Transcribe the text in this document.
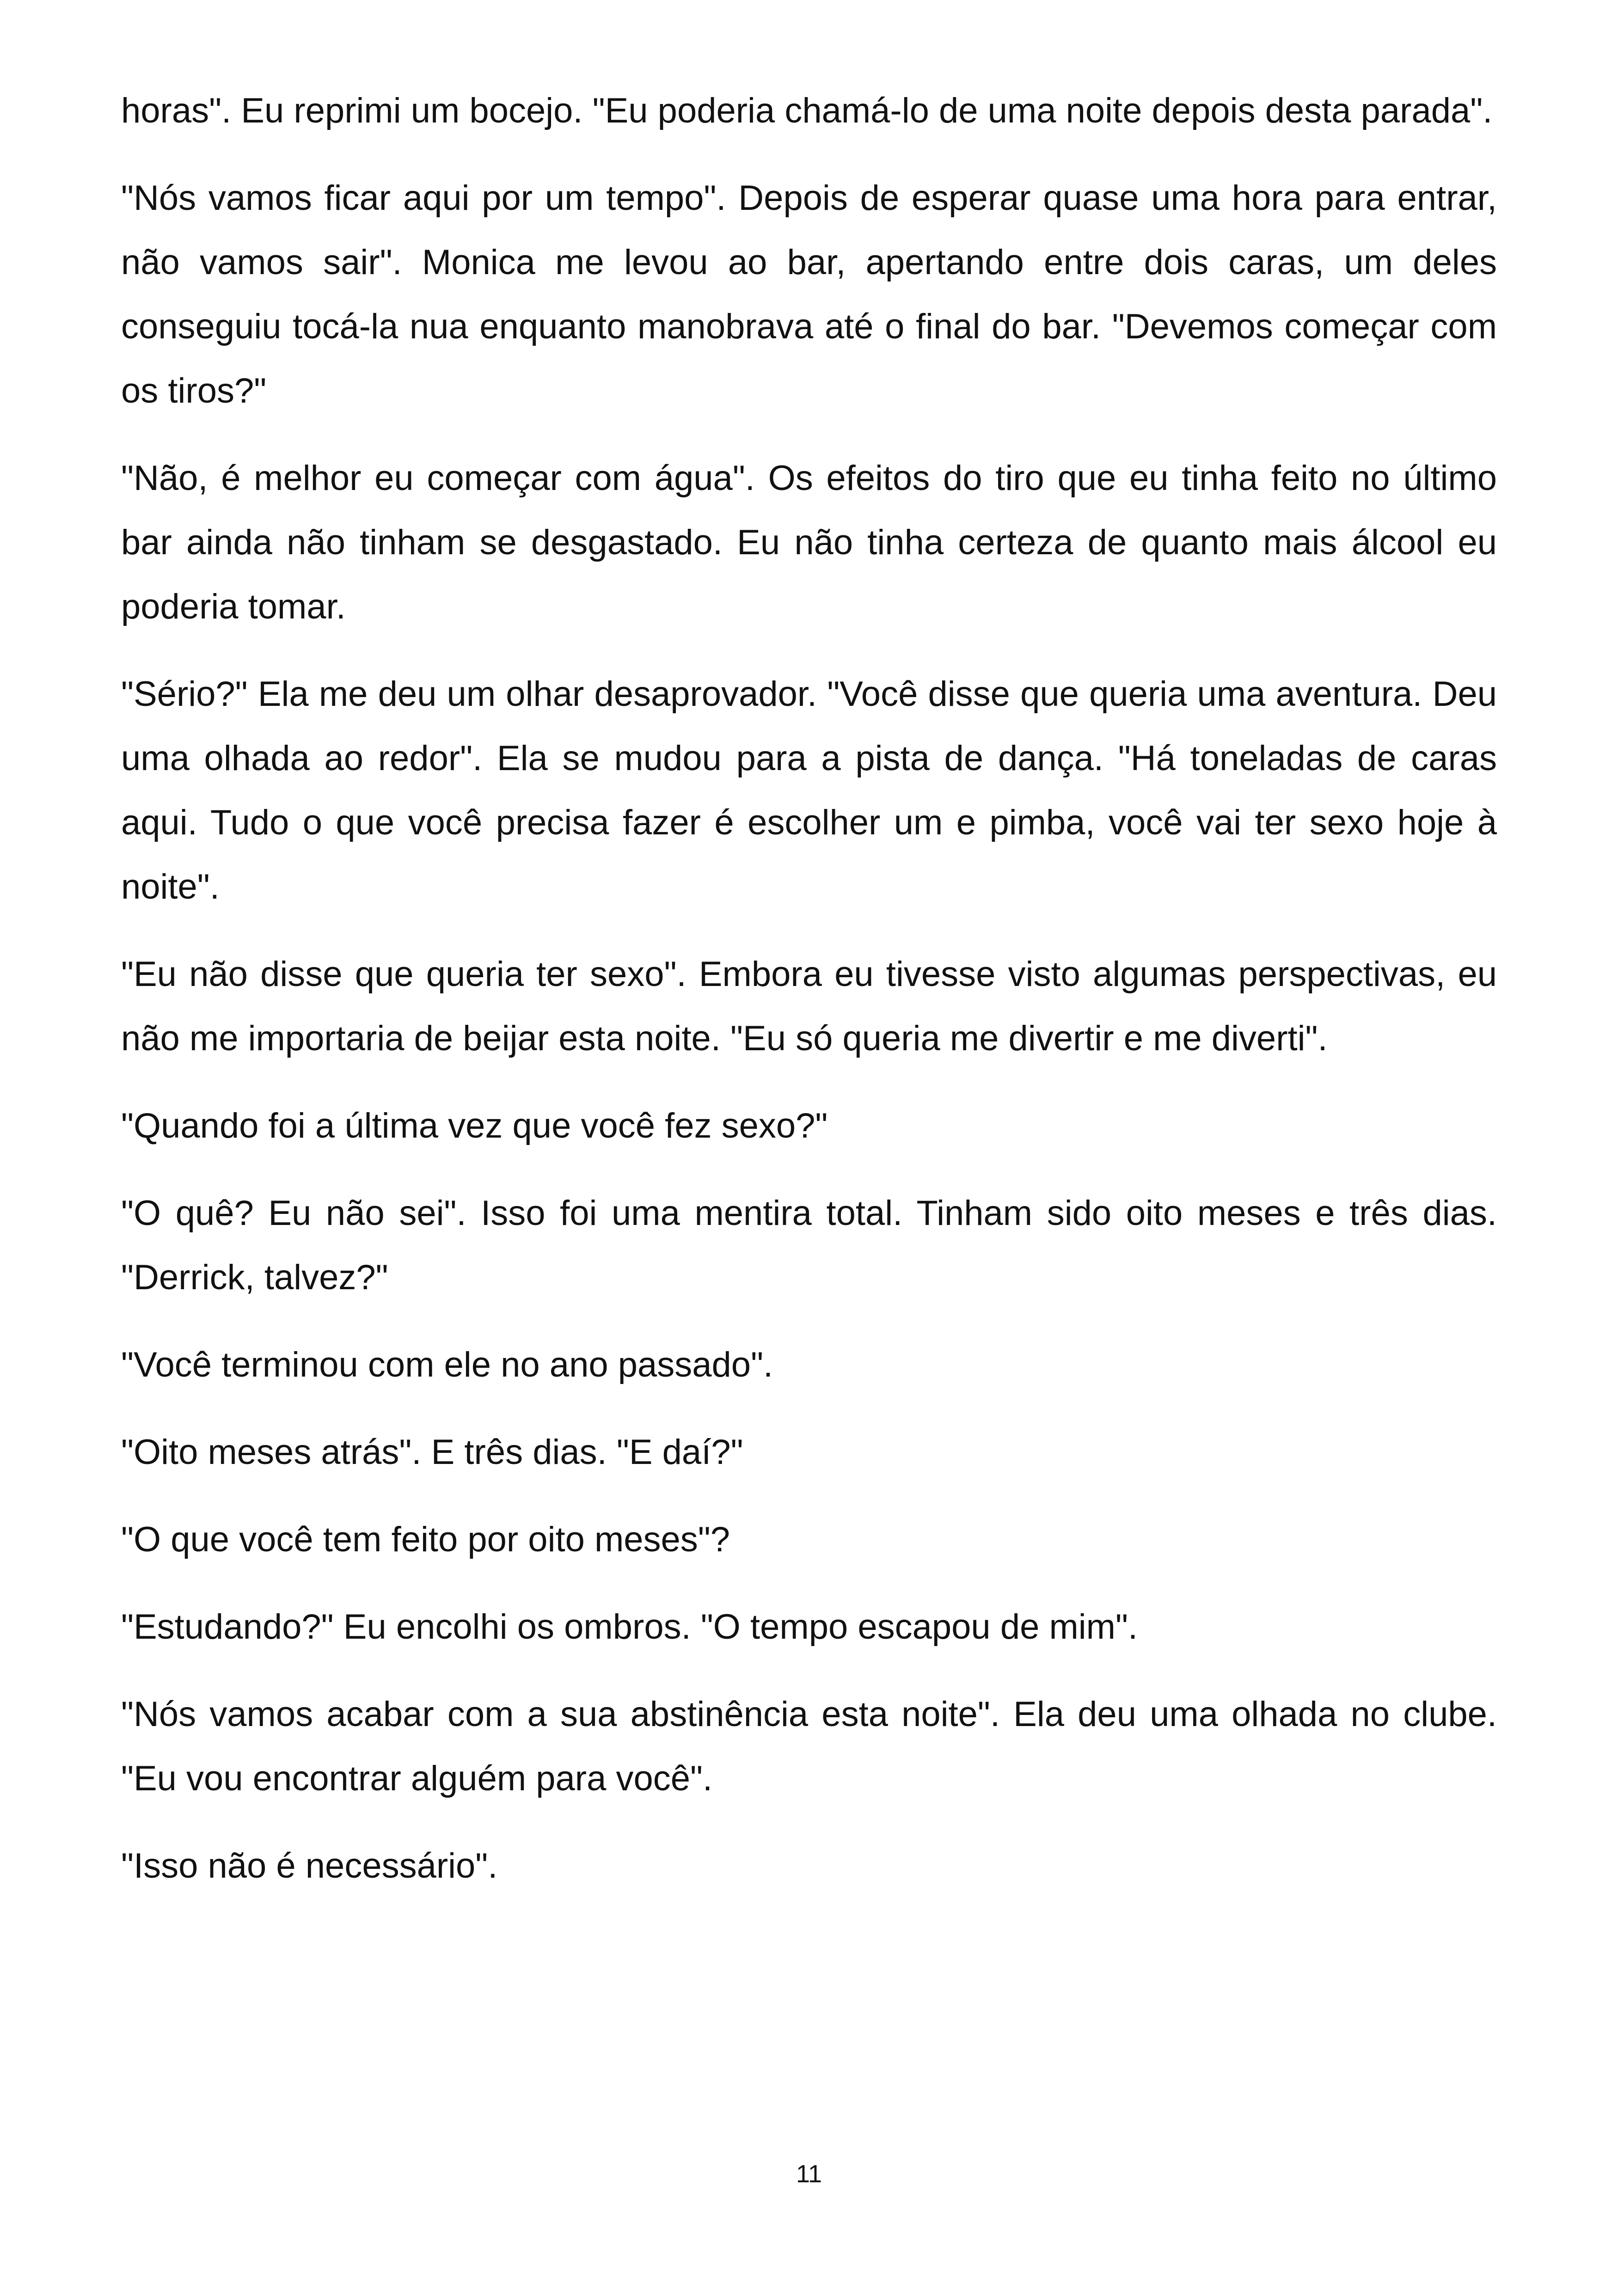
horas". Eu reprimi um bocejo. "Eu poderia chamá-lo de uma noite depois desta parada".

"Nós vamos ficar aqui por um tempo". Depois de esperar quase uma hora para entrar, não vamos sair". Monica me levou ao bar, apertando entre dois caras, um deles conseguiu tocá-la nua enquanto manobrava até o final do bar. "Devemos começar com os tiros?"

"Não, é melhor eu começar com água". Os efeitos do tiro que eu tinha feito no último bar ainda não tinham se desgastado. Eu não tinha certeza de quanto mais álcool eu poderia tomar.

"Sério?" Ela me deu um olhar desaprovador. "Você disse que queria uma aventura. Deu uma olhada ao redor". Ela se mudou para a pista de dança. "Há toneladas de caras aqui. Tudo o que você precisa fazer é escolher um e pimba, você vai ter sexo hoje à noite".

"Eu não disse que queria ter sexo". Embora eu tivesse visto algumas perspectivas, eu não me importaria de beijar esta noite. "Eu só queria me divertir e me diverti".

"Quando foi a última vez que você fez sexo?"

"O quê? Eu não sei". Isso foi uma mentira total. Tinham sido oito meses e três dias. "Derrick, talvez?"

"Você terminou com ele no ano passado".

"Oito meses atrás". E três dias. "E daí?"

"O que você tem feito por oito meses"?

"Estudando?" Eu encolhi os ombros. "O tempo escapou de mim".

"Nós vamos acabar com a sua abstinência esta noite". Ela deu uma olhada no clube. "Eu vou encontrar alguém para você".

"Isso não é necessário".

11
